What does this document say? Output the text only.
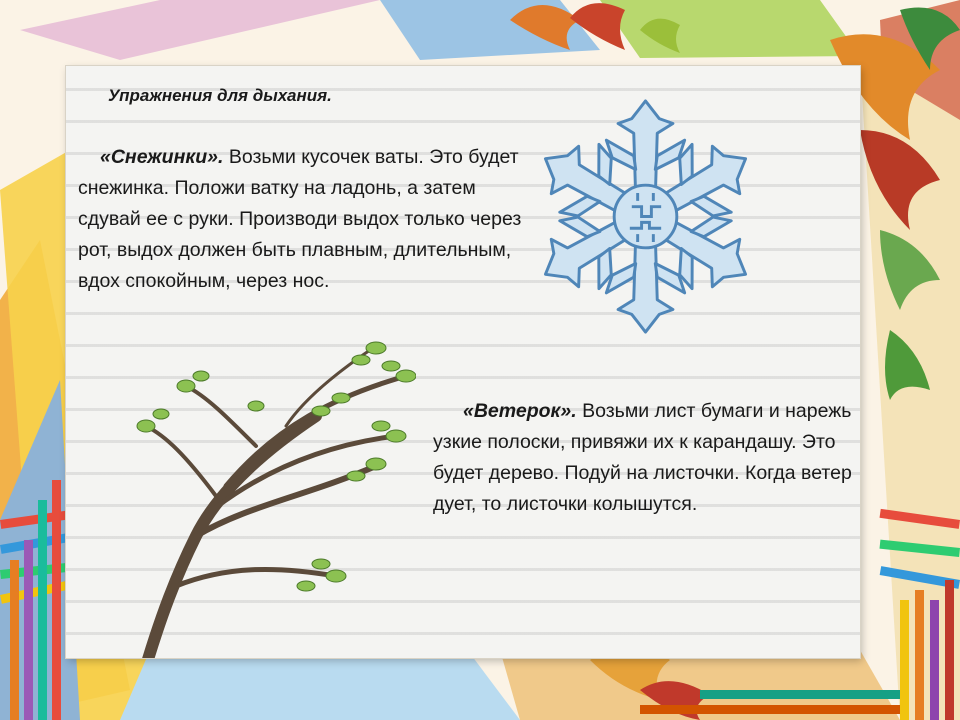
Упражнения для дыхания.

«Снежинки». Возьми кусочек ваты. Это будет снежинка. Положи ватку на ладонь, а затем сдувай ее с руки. Производи выдох только через рот, выдох должен быть плавным, длительным, вдох спокойным, через нос.

«Ветерок». Возьми лист бумаги и нарежь узкие полоски, привяжи их к карандашу. Это будет дерево. Подуй на листочки. Когда ветер дует, то листочки колышутся.
